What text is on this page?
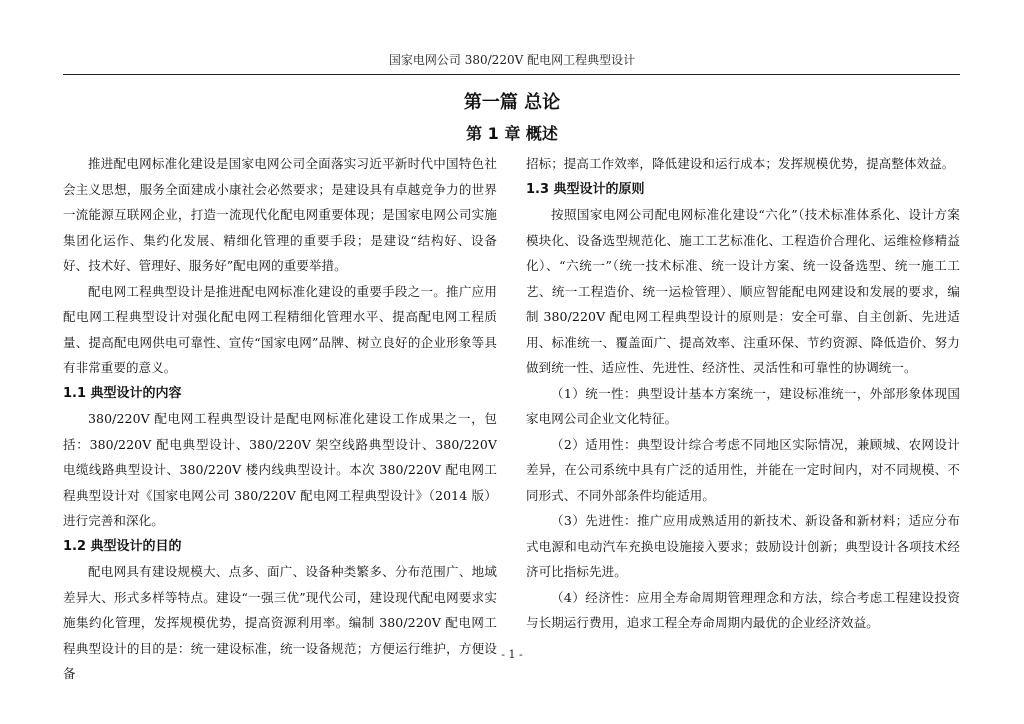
国家电网公司 380/220V 配电网工程典型设计
第一篇 总论
第 1 章 概述

推进配电网标准化建设是国家电网公司全面落实习近平新时代中国特色社会主义思想，服务全面建成小康社会必然要求；是建设具有卓越竞争力的世界一流能源互联网企业，打造一流现代化配电网重要体现；是国家电网公司实施集团化运作、集约化发展、精细化管理的重要手段；是建设“结构好、设备好、技术好、管理好、服务好”配电网的重要举措。

配电网工程典型设计是推进配电网标准化建设的重要手段之一。推广应用配电网工程典型设计对强化配电网工程精细化管理水平、提高配电网工程质量、提高配电网供电可靠性、宣传“国家电网”品牌、树立良好的企业形象等具有非常重要的意义。

1.1 典型设计的内容

380/220V 配电网工程典型设计是配电网标准化建设工作成果之一，包括：380/220V 配电典型设计、380/220V 架空线路典型设计、380/220V 电缆线路典型设计、380/220V 楼内线典型设计。本次 380/220V 配电网工程典型设计对《国家电网公司 380/220V 配电网工程典型设计》（2014 版）进行完善和深化。

1.2 典型设计的目的

配电网具有建设规模大、点多、面广、设备种类繁多、分布范围广、地域差异大、形式多样等特点。建设“一强三优”现代公司，建设现代配电网要求实施集约化管理，发挥规模优势，提高资源利用率。编制 380/220V 配电网工程典型设计的目的是：统一建设标准，统一设备规范；方便运行维护，方便设备

招标；提高工作效率，降低建设和运行成本；发挥规模优势，提高整体效益。

1.3 典型设计的原则

按照国家电网公司配电网标准化建设“六化”（技术标准体系化、设计方案模块化、设备选型规范化、施工工艺标准化、工程造价合理化、运维检修精益化）、“六统一”（统一技术标准、统一设计方案、统一设备选型、统一施工工艺、统一工程造价、统一运检管理）、顺应智能配电网建设和发展的要求，编制 380/220V 配电网工程典型设计的原则是：安全可靠、自主创新、先进适用、标准统一、覆盖面广、提高效率、注重环保、节约资源、降低造价、努力做到统一性、适应性、先进性、经济性、灵活性和可靠性的协调统一。

（1）统一性：典型设计基本方案统一，建设标准统一，外部形象体现国家电网公司企业文化特征。

（2）适用性：典型设计综合考虑不同地区实际情况，兼顾城、农网设计差异，在公司系统中具有广泛的适用性，并能在一定时间内，对不同规模、不同形式、不同外部条件均能适用。

（3）先进性：推广应用成熟适用的新技术、新设备和新材料；适应分布式电源和电动汽车充换电设施接入要求；鼓励设计创新；典型设计各项技术经济可比指标先进。

（4）经济性：应用全寿命周期管理理念和方法，综合考虑工程建设投资与长期运行费用，追求工程全寿命周期内最优的企业经济效益。

- 1 -
